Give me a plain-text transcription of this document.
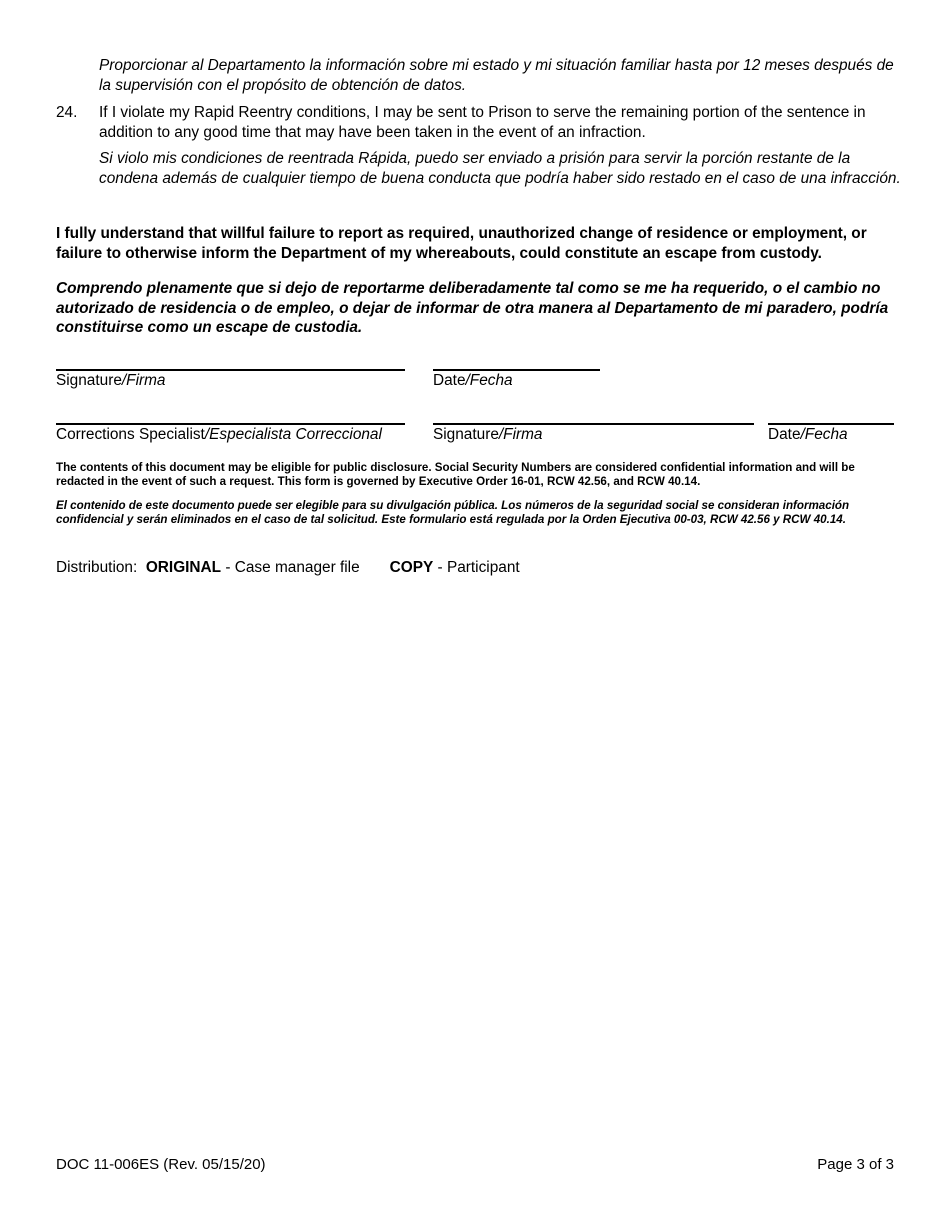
Proporcionar al Departamento la información sobre mi estado y mi situación familiar hasta por 12 meses después de la supervisión con el propósito de obtención de datos.
24. If I violate my Rapid Reentry conditions, I may be sent to Prison to serve the remaining portion of the sentence in addition to any good time that may have been taken in the event of an infraction.
Si violo mis condiciones de reentrada Rápida, puedo ser enviado a prisión para servir la porción restante de la condena además de cualquier tiempo de buena conducta que podría haber sido restado en el caso de una infracción.
I fully understand that willful failure to report as required, unauthorized change of residence or employment, or failure to otherwise inform the Department of my whereabouts, could constitute an escape from custody.
Comprendo plenamente que si dejo de reportarme deliberadamente tal como se me ha requerido, o el cambio no autorizado de residencia o de empleo, o dejar de informar de otra manera al Departamento de mi paradero, podría constituirse como un escape de custodia.
Signature/Firma	Date/Fecha
Corrections Specialist/Especialista Correccional	Signature/Firma	Date/Fecha
The contents of this document may be eligible for public disclosure. Social Security Numbers are considered confidential information and will be redacted in the event of such a request. This form is governed by Executive Order 16-01, RCW 42.56, and RCW 40.14.
El contenido de este documento puede ser elegible para su divulgación pública. Los números de la seguridad social se consideran información confidencial y serán eliminados en el caso de tal solicitud. Este formulario está regulada por la Orden Ejecutiva 00-03, RCW 42.56 y RCW 40.14.
Distribution: ORIGINAL - Case manager file COPY - Participant
DOC 11-006ES (Rev. 05/15/20)	Page 3 of 3
